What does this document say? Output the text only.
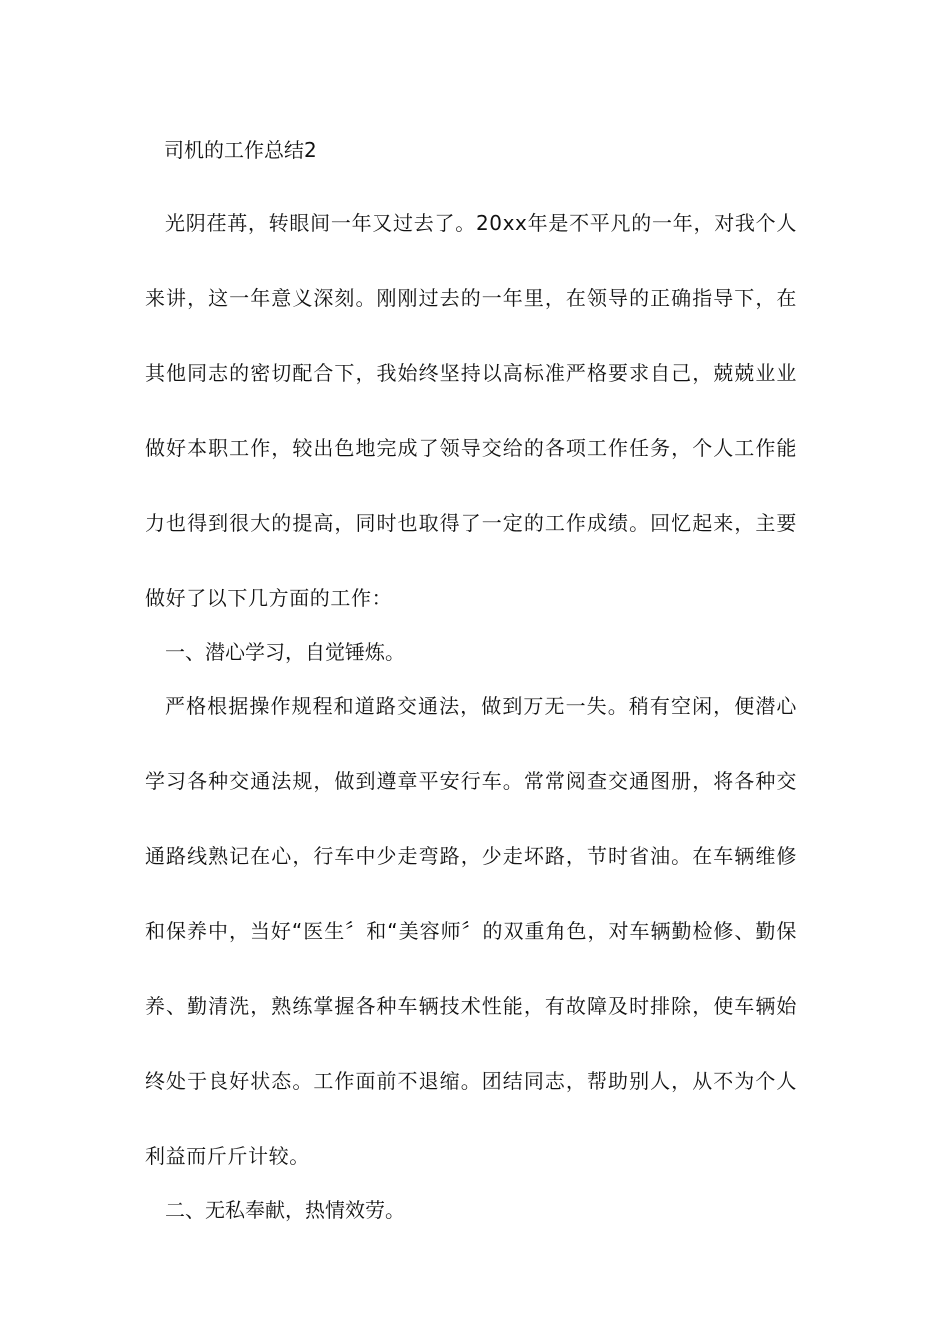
司机的工作总结2
光阴荏苒，转眼间一年又过去了。20xx年是不平凡的一年，对我个人来讲，这一年意义深刻。刚刚过去的一年里，在领导的正确指导下，在其他同志的密切配合下，我始终坚持以高标准严格要求自己，兢兢业业做好本职工作，较出色地完成了领导交给的各项工作任务，个人工作能力也得到很大的提高，同时也取得了一定的工作成绩。回忆起来，主要做好了以下几方面的工作：
一、潜心学习，自觉锤炼。
严格根据操作规程和道路交通法，做到万无一失。稍有空闲，便潜心学习各种交通法规，做到遵章平安行车。常常阅查交通图册，将各种交通路线熟记在心，行车中少走弯路，少走坏路，节时省油。在车辆维修和保养中，当好“医生〞和“美容师〞的双重角色，对车辆勤检修、勤保养、勤清洗，熟练掌握各种车辆技术性能，有故障及时排除，使车辆始终处于良好状态。工作面前不退缩。团结同志，帮助别人，从不为个人利益而斤斤计较。
二、无私奉献，热情效劳。
